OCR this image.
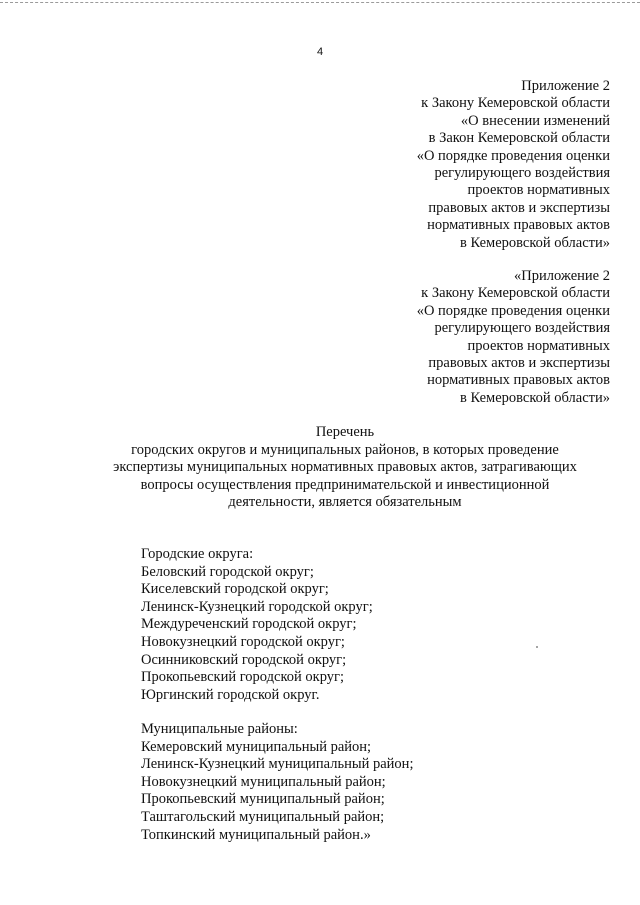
4
Приложение 2
к Закону Кемеровской области
«О внесении изменений
в Закон Кемеровской области
«О порядке проведения оценки
регулирующего воздействия
проектов нормативных
правовых актов и экспертизы
нормативных правовых актов
в Кемеровской области»
«Приложение 2
к Закону Кемеровской области
«О порядке проведения оценки
регулирующего воздействия
проектов нормативных
правовых актов и экспертизы
нормативных правовых актов
в Кемеровской области»
Перечень
городских округов и муниципальных районов, в которых проведение
экспертизы муниципальных нормативных правовых актов, затрагивающих
вопросы осуществления предпринимательской и инвестиционной
деятельности, является обязательным
Городские округа:
Беловский городской округ;
Киселевский городской округ;
Ленинск-Кузнецкий городской округ;
Междуреченский городской округ;
Новокузнецкий городской округ;
Осинниковский городской округ;
Прокопьевский городской округ;
Юргинский городской округ.
Муниципальные районы:
Кемеровский муниципальный район;
Ленинск-Кузнецкий муниципальный район;
Новокузнецкий муниципальный район;
Прокопьевский муниципальный район;
Таштагольский муниципальный район;
Топкинский муниципальный район.»
